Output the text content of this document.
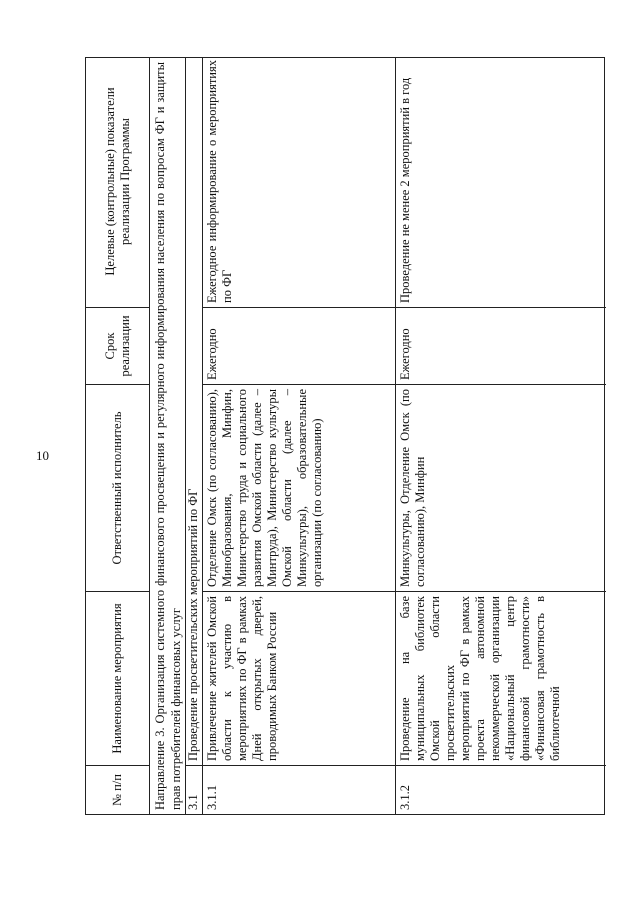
10
№ п/п
Наименование мероприятия
Ответственный исполнитель
Срок реализации
Целевые (контрольные) показатели реализации Программы	Направление 3. Организация системного финансового просвещения и регулярного информирования населения по вопросам ФГ и защиты прав потребителей финансовых услуг 3.1
Проведение просветительских мероприятий по ФГ
3.1.1
Привлечение жителей Омской области к участию в мероприятиях по ФГ в рамках Дней открытых дверей, проводимых Банком России
Отделение Омск (по согласованию), Минобразования, Минфин, Министерство труда и социального развития Омской области (далее – Минтруда), Министерство культуры Омской области (далее – Минкультуры), образовательные организации (по согласованию)
Ежегодно
Ежегодное информирование о мероприятиях по ФГ
3.1.2
Проведение на базе муниципальных библиотек Омской области просветительских мероприятий по ФГ в рамках проекта автономной некоммерческой организации «Национальный центр финансовой грамотности» «Финансовая грамотность в библиотечной
Минкультуры, Отделение Омск (по согласованию), Минфин
Ежегодно
Проведение не менее 2 мероприятий в год
